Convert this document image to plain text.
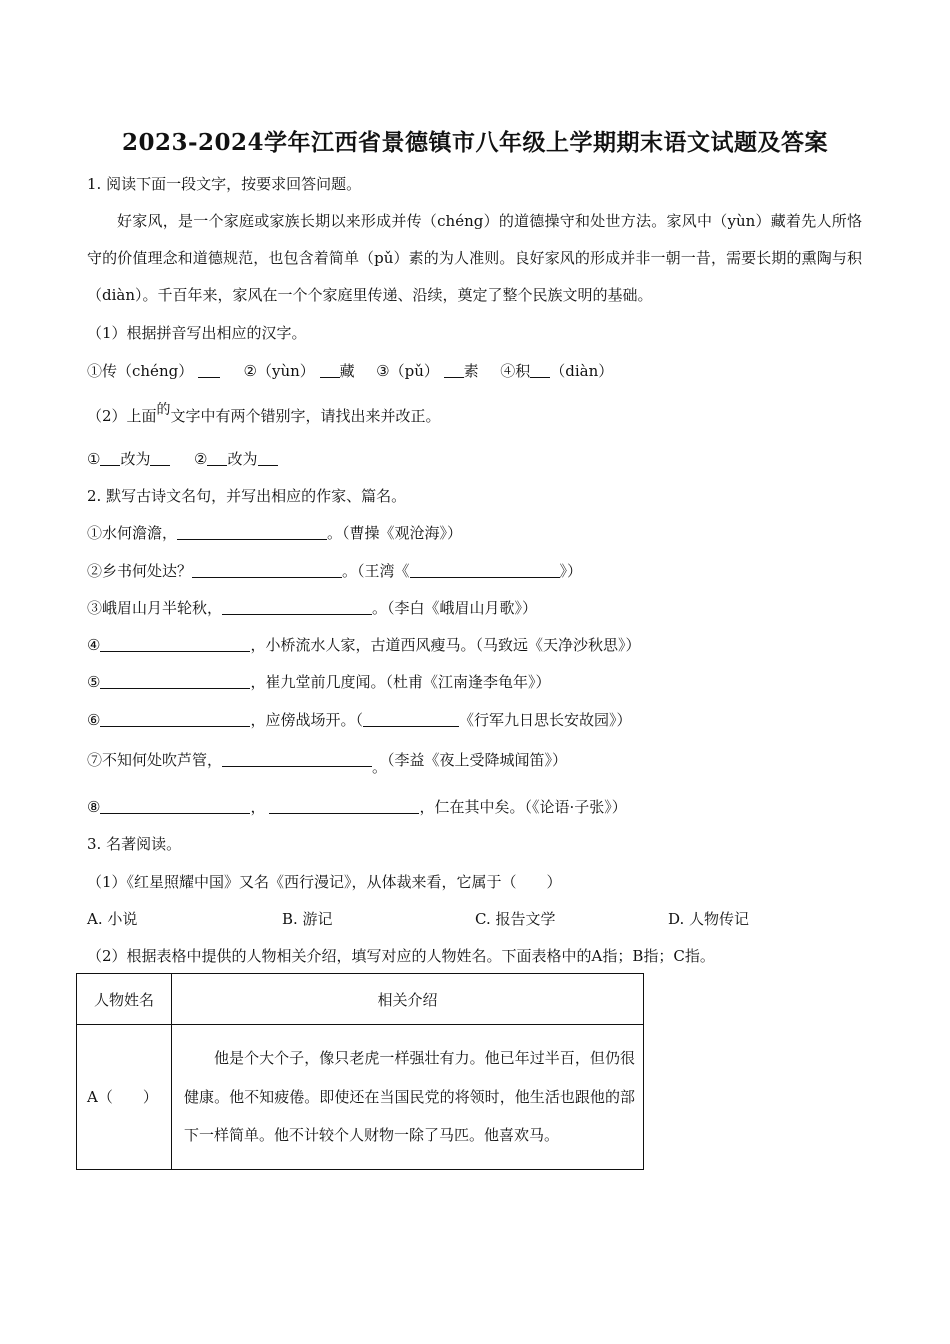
2023-2024学年江西省景德镇市八年级上学期期末语文试题及答案
1. 阅读下面一段文字，按要求回答问题。
好家风，是一个家庭或家族长期以来形成并传（chéng）的道德操守和处世方法。家风中（yùn）藏着先人所恪守的价值理念和道德规范，也包含着简单（pǔ）素的为人准则。良好家风的形成并非一朝一昔，需要长期的熏陶与积（diàn）。千百年来，家风在一个个家庭里传递、沿续，奠定了整个民族文明的基础。
（1）根据拼音写出相应的汉字。
①传（chéng）	②（yùn） 藏 ③（pǔ） 素 ④积 （diàn）
（2）上面的文字中有两个错别字，请找出来并改正。
① 改为	② 改为
2. 默写古诗文名句，并写出相应的作家、篇名。
①水何澹澹，	。（曹操《观沧海》）
②乡书何处达？	。（王湾《	》）
③峨眉山月半轮秋，	。（李白《峨眉山月歌》）
④	，小桥流水人家，古道西风瘦马。（马致远《天净沙秋思》）
⑤	，崔九堂前几度闻。（杜甫《江南逢李龟年》）
⑥	，应傍战场开。（	《行军九日思长安故园》）
⑦不知何处吹芦管，	。（李益《夜上受降城闻笛》）
⑧	，	，仁在其中矣。（《论语·子张》）
3. 名著阅读。
（1）《红星照耀中国》又名《西行漫记》，从体裁来看，它属于（　　）
A. 小说	B. 游记	C. 报告文学	D. 人物传记
（2）根据表格中提供的人物相关介绍，填写对应的人物姓名。下面表格中的A指；B指；C指。
人物姓名	相关介绍
A（　　）	他是个大个子，像只老虎一样强壮有力。他已年过半百，但仍很健康。他不知疲倦。即使还在当国民党的将领时，他生活也跟他的部下一样简单。他不计较个人财物一除了马匹。他喜欢马。
